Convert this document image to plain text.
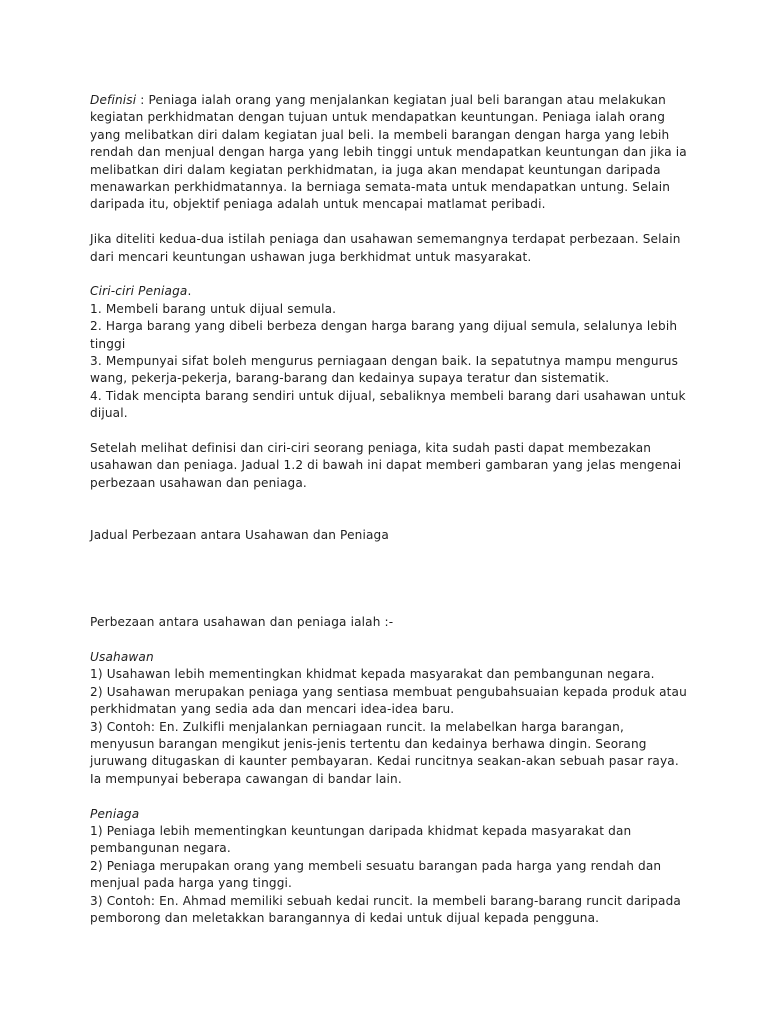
Definisi : Peniaga ialah orang yang menjalankan kegiatan jual beli barangan atau melakukan kegiatan perkhidmatan dengan tujuan untuk mendapatkan keuntungan. Peniaga ialah orang yang melibatkan diri dalam kegiatan jual beli. Ia membeli barangan dengan harga yang lebih rendah dan menjual dengan harga yang lebih tinggi untuk mendapatkan keuntungan dan jika ia melibatkan diri dalam kegiatan perkhidmatan, ia juga akan mendapat keuntungan daripada menawarkan perkhidmatannya. Ia berniaga semata-mata untuk mendapatkan untung. Selain daripada itu, objektif peniaga adalah untuk mencapai matlamat peribadi.

Jika diteliti kedua-dua istilah peniaga dan usahawan sememangnya terdapat perbezaan. Selain dari mencari keuntungan ushawan juga berkhidmat untuk masyarakat.

Ciri-ciri Peniaga.

1. Membeli barang untuk dijual semula.

2. Harga barang yang dibeli berbeza dengan harga barang yang dijual semula, selalunya lebih tinggi

3. Mempunyai sifat boleh mengurus perniagaan dengan baik. Ia sepatutnya mampu mengurus wang, pekerja-pekerja, barang-barang dan kedainya supaya teratur dan sistematik.

4. Tidak mencipta barang sendiri untuk dijual, sebaliknya membeli barang dari usahawan untuk dijual.

Setelah melihat definisi dan ciri-ciri seorang peniaga, kita sudah pasti dapat membezakan usahawan dan peniaga. Jadual 1.2 di bawah ini dapat memberi gambaran yang jelas mengenai perbezaan usahawan dan peniaga.

Jadual Perbezaan antara Usahawan dan Peniaga

Perbezaan antara usahawan dan peniaga ialah :-

Usahawan

1) Usahawan lebih mementingkan khidmat kepada masyarakat dan pembangunan negara.

2) Usahawan merupakan peniaga yang sentiasa membuat pengubahsuaian kepada produk atau perkhidmatan yang sedia ada dan mencari idea-idea baru.

3) Contoh: En. Zulkifli menjalankan perniagaan runcit. Ia melabelkan harga barangan, menyusun barangan mengikut jenis-jenis tertentu dan kedainya berhawa dingin. Seorang juruwang ditugaskan di kaunter pembayaran. Kedai runcitnya seakan-akan sebuah pasar raya. Ia mempunyai beberapa cawangan di bandar lain.

Peniaga

1) Peniaga lebih mementingkan keuntungan daripada khidmat kepada masyarakat dan pembangunan negara.

2) Peniaga merupakan orang yang membeli sesuatu barangan pada harga yang rendah dan menjual pada harga yang tinggi.

3) Contoh: En. Ahmad memiliki sebuah kedai runcit. Ia membeli barang-barang runcit daripada pemborong dan meletakkan barangannya di kedai untuk dijual kepada pengguna.
